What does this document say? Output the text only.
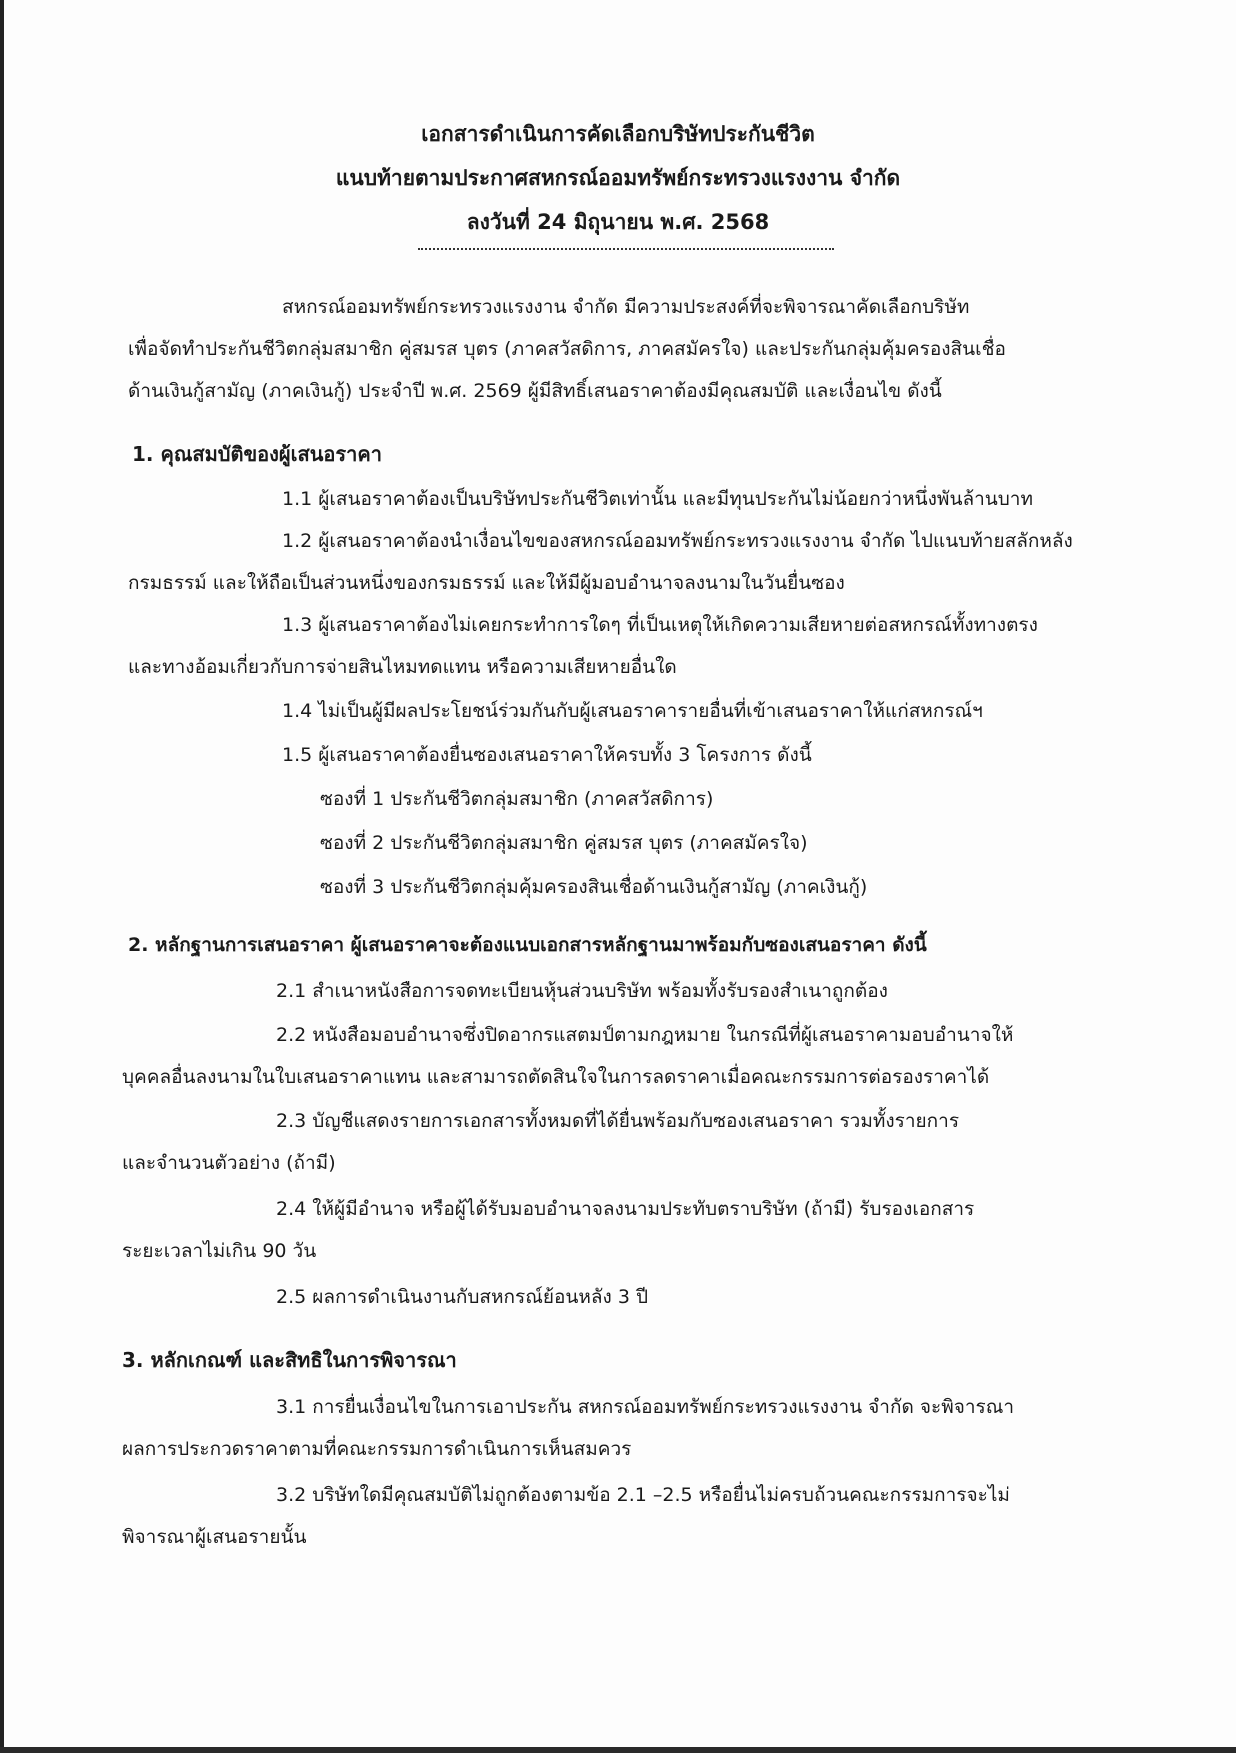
เอกสารดำเนินการคัดเลือกบริษัทประกันชีวิต
แนบท้ายตามประกาศสหกรณ์ออมทรัพย์กระทรวงแรงงาน จำกัด
ลงวันที่ 24 มิถุนายน พ.ศ. 2568
สหกรณ์ออมทรัพย์กระทรวงแรงงาน จำกัด มีความประสงค์ที่จะพิจารณาคัดเลือกบริษัท
เพื่อจัดทำประกันชีวิตกลุ่มสมาชิก คู่สมรส บุตร (ภาคสวัสดิการ, ภาคสมัครใจ) และประกันกลุ่มคุ้มครองสินเชื่อ
ด้านเงินกู้สามัญ (ภาคเงินกู้) ประจำปี พ.ศ. 2569 ผู้มีสิทธิ์เสนอราคาต้องมีคุณสมบัติ และเงื่อนไข ดังนี้
1. คุณสมบัติของผู้เสนอราคา
1.1 ผู้เสนอราคาต้องเป็นบริษัทประกันชีวิตเท่านั้น และมีทุนประกันไม่น้อยกว่าหนึ่งพันล้านบาท
1.2 ผู้เสนอราคาต้องนำเงื่อนไขของสหกรณ์ออมทรัพย์กระทรวงแรงงาน จำกัด ไปแนบท้ายสลักหลัง
กรมธรรม์ และให้ถือเป็นส่วนหนึ่งของกรมธรรม์ และให้มีผู้มอบอำนาจลงนามในวันยื่นซอง
1.3 ผู้เสนอราคาต้องไม่เคยกระทำการใดๆ ที่เป็นเหตุให้เกิดความเสียหายต่อสหกรณ์ทั้งทางตรง
และทางอ้อมเกี่ยวกับการจ่ายสินไหมทดแทน หรือความเสียหายอื่นใด
1.4 ไม่เป็นผู้มีผลประโยชน์ร่วมกันกับผู้เสนอราคารายอื่นที่เข้าเสนอราคาให้แก่สหกรณ์ฯ
1.5 ผู้เสนอราคาต้องยื่นซองเสนอราคาให้ครบทั้ง 3 โครงการ ดังนี้
ซองที่ 1 ประกันชีวิตกลุ่มสมาชิก (ภาคสวัสดิการ)
ซองที่ 2 ประกันชีวิตกลุ่มสมาชิก คู่สมรส บุตร (ภาคสมัครใจ)
ซองที่ 3 ประกันชีวิตกลุ่มคุ้มครองสินเชื่อด้านเงินกู้สามัญ (ภาคเงินกู้)
2. หลักฐานการเสนอราคา ผู้เสนอราคาจะต้องแนบเอกสารหลักฐานมาพร้อมกับซองเสนอราคา ดังนี้
2.1 สำเนาหนังสือการจดทะเบียนหุ้นส่วนบริษัท พร้อมทั้งรับรองสำเนาถูกต้อง
2.2 หนังสือมอบอำนาจซึ่งปิดอากรแสตมป์ตามกฎหมาย ในกรณีที่ผู้เสนอราคามอบอำนาจให้
บุคคลอื่นลงนามในใบเสนอราคาแทน และสามารถตัดสินใจในการลดราคาเมื่อคณะกรรมการต่อรองราคาได้
2.3 บัญชีแสดงรายการเอกสารทั้งหมดที่ได้ยื่นพร้อมกับซองเสนอราคา รวมทั้งรายการ
และจำนวนตัวอย่าง (ถ้ามี)
2.4 ให้ผู้มีอำนาจ หรือผู้ได้รับมอบอำนาจลงนามประทับตราบริษัท (ถ้ามี) รับรองเอกสาร
ระยะเวลาไม่เกิน 90 วัน
2.5 ผลการดำเนินงานกับสหกรณ์ย้อนหลัง 3 ปี
3. หลักเกณฑ์ และสิทธิในการพิจารณา
3.1 การยื่นเงื่อนไขในการเอาประกัน สหกรณ์ออมทรัพย์กระทรวงแรงงาน จำกัด จะพิจารณา
ผลการประกวดราคาตามที่คณะกรรมการดำเนินการเห็นสมควร
3.2 บริษัทใดมีคุณสมบัติไม่ถูกต้องตามข้อ 2.1 –2.5 หรือยื่นไม่ครบถ้วนคณะกรรมการจะไม่
พิจารณาผู้เสนอรายนั้น
